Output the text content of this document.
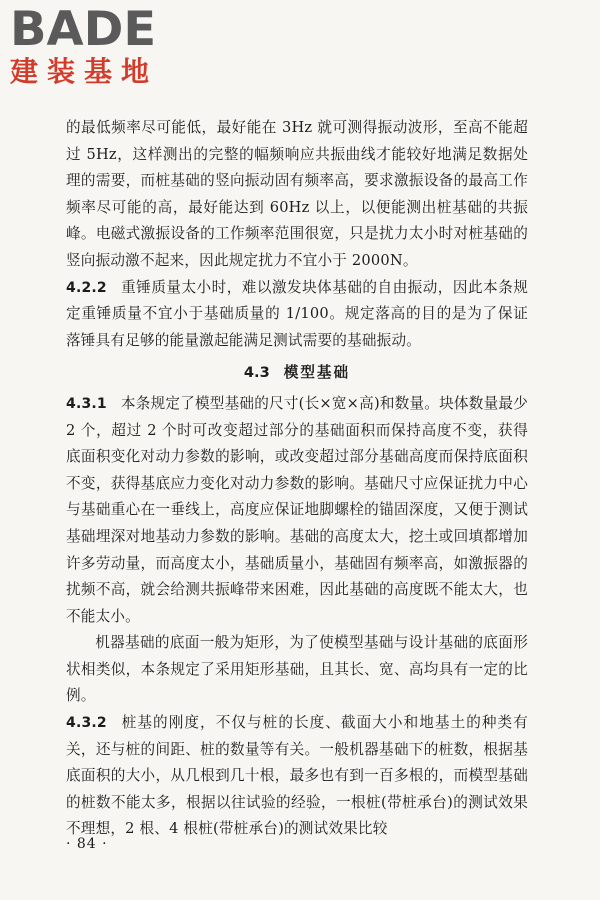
BADE
建装基地

的最低频率尽可能低，最好能在 3Hz 就可测得振动波形，至高不能超过 5Hz，这样测出的完整的幅频响应共振曲线才能较好地满足数据处理的需要，而桩基础的竖向振动固有频率高，要求激振设备的最高工作频率尽可能的高，最好能达到 60Hz 以上，以便能测出桩基础的共振峰。电磁式激振设备的工作频率范围很宽，只是扰力太小时对桩基础的竖向振动激不起来，因此规定扰力不宜小于 2000N。

4.2.2 重锤质量太小时，难以激发块体基础的自由振动，因此本条规定重锤质量不宜小于基础质量的 1/100。规定落高的目的是为了保证落锤具有足够的能量激起能满足测试需要的基础振动。

4.3 模型基础

4.3.1 本条规定了模型基础的尺寸(长×宽×高)和数量。块体数量最少 2 个，超过 2 个时可改变超过部分的基础面积而保持高度不变，获得底面积变化对动力参数的影响，或改变超过部分基础高度而保持底面积不变，获得基底应力变化对动力参数的影响。基础尺寸应保证扰力中心与基础重心在一垂线上，高度应保证地脚螺栓的锚固深度，又便于测试基础埋深对地基动力参数的影响。基础的高度太大，挖土或回填都增加许多劳动量，而高度太小，基础质量小，基础固有频率高，如激振器的扰频不高，就会给测共振峰带来困难，因此基础的高度既不能太大，也不能太小。

机器基础的底面一般为矩形，为了使模型基础与设计基础的底面形状相类似，本条规定了采用矩形基础，且其长、宽、高均具有一定的比例。

4.3.2 桩基的刚度，不仅与桩的长度、截面大小和地基土的种类有关，还与桩的间距、桩的数量等有关。一般机器基础下的桩数，根据基底面积的大小，从几根到几十根，最多也有到一百多根的，而模型基础的桩数不能太多，根据以往试验的经验，一根桩(带桩承台)的测试效果不理想，2 根、4 根桩(带桩承台)的测试效果比较

· 84 ·
